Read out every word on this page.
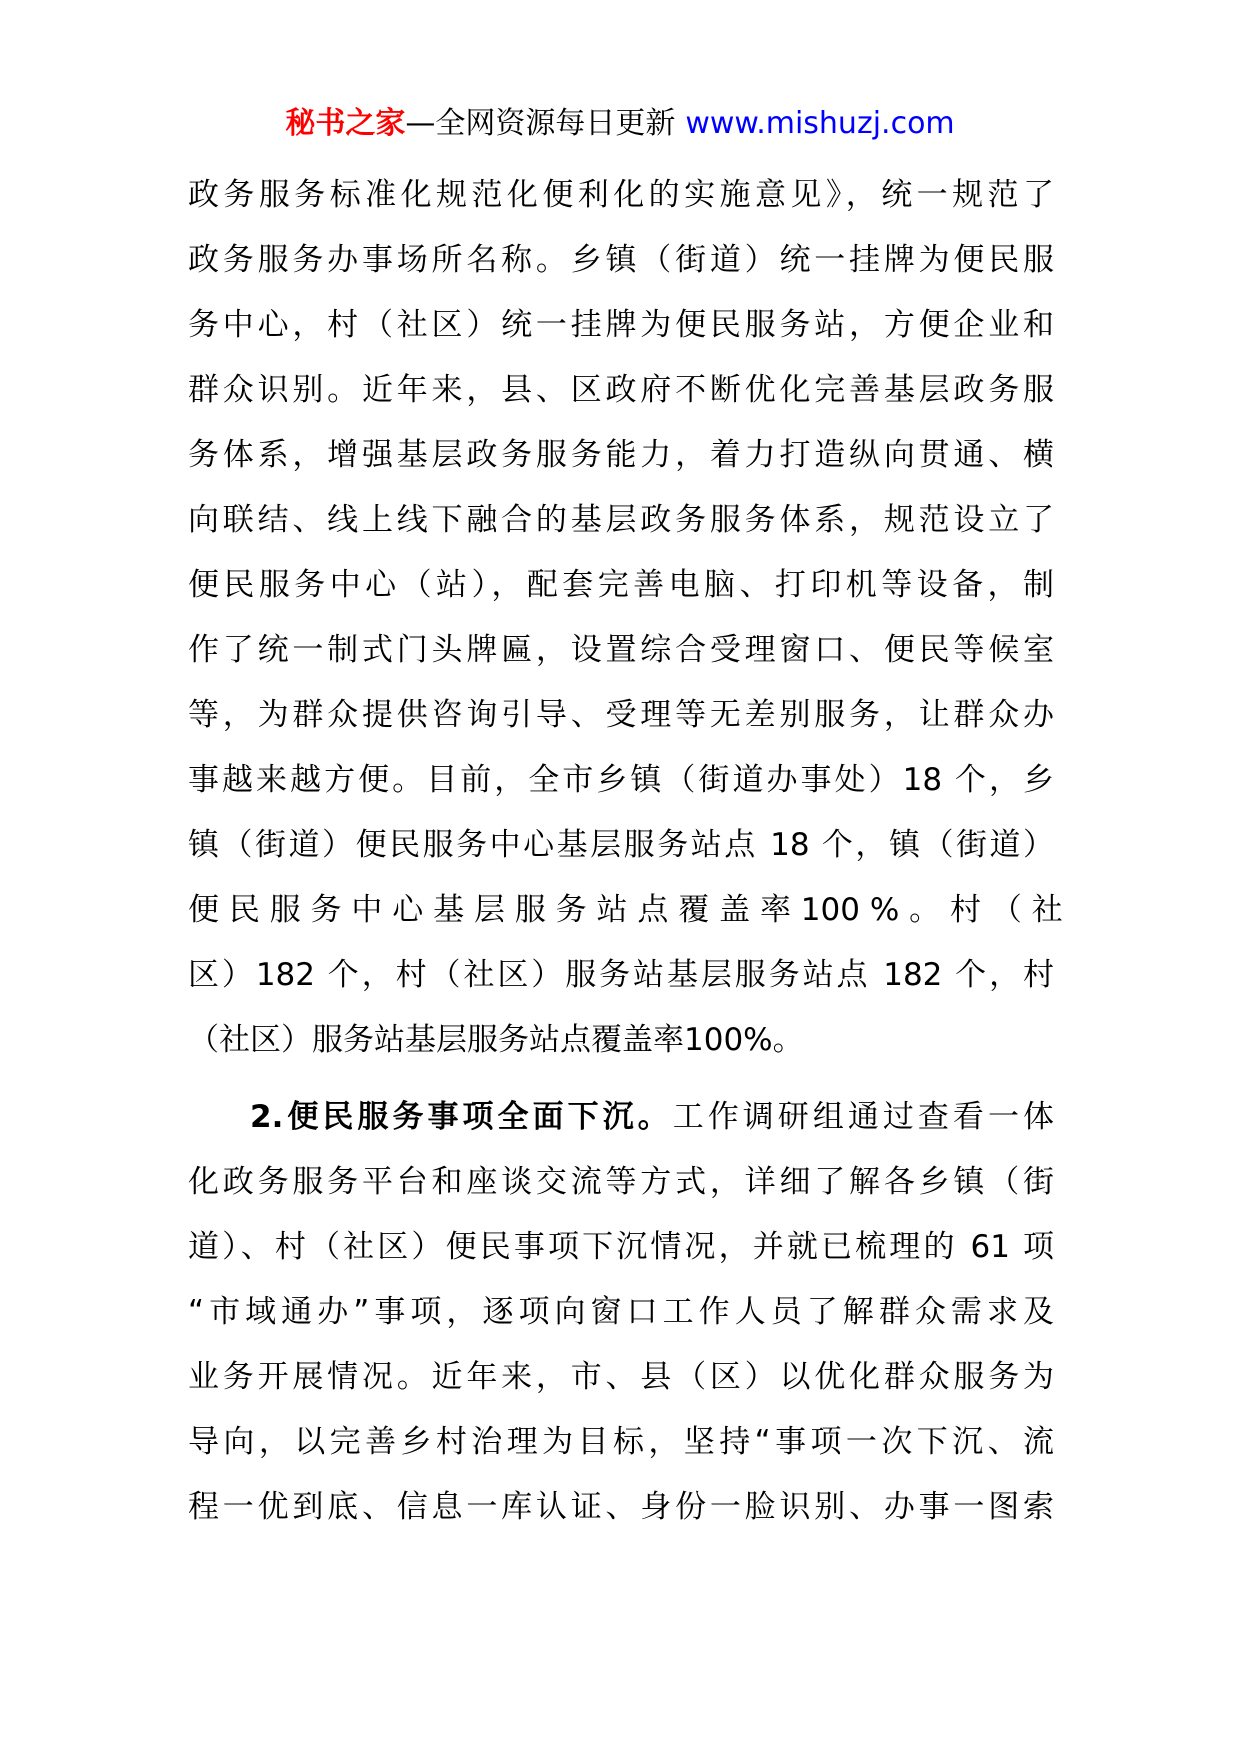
秘书之家—全网资源每日更新 www.mishuzj.com
政务服务标准化规范化便利化的实施意见》，统一规范了
政务服务办事场所名称。乡镇（街道）统一挂牌为便民服
务中心，村（社区）统一挂牌为便民服务站，方便企业和
群众识别。近年来，县、区政府不断优化完善基层政务服
务体系，增强基层政务服务能力，着力打造纵向贯通、横
向联结、线上线下融合的基层政务服务体系，规范设立了
便民服务中心（站），配套完善电脑、打印机等设备，制
作了统一制式门头牌匾，设置综合受理窗口、便民等候室
等，为群众提供咨询引导、受理等无差别服务，让群众办
事越来越方便。目前，全市乡镇（街道办事处）18 个，乡
镇（街道）便民服务中心基层服务站点 18 个，镇（街道）
便 民 服 务 中 心 基 层 服 务 站 点 覆 盖 率 100 % 。 村 （ 社
区）182 个，村（社区）服务站基层服务站点 182 个，村
（社区）服务站基层服务站点覆盖率100%。
2.便民服务事项全面下沉。工作调研组通过查看一体
化政务服务平台和座谈交流等方式，详细了解各乡镇（街
道）、村（社区）便民事项下沉情况，并就已梳理的 61 项
“市域通办”事项，逐项向窗口工作人员了解群众需求及
业务开展情况。近年来，市、县（区）以优化群众服务为
导向，以完善乡村治理为目标，坚持“事项一次下沉、流
程一优到底、信息一库认证、身份一脸识别、办事一图索
